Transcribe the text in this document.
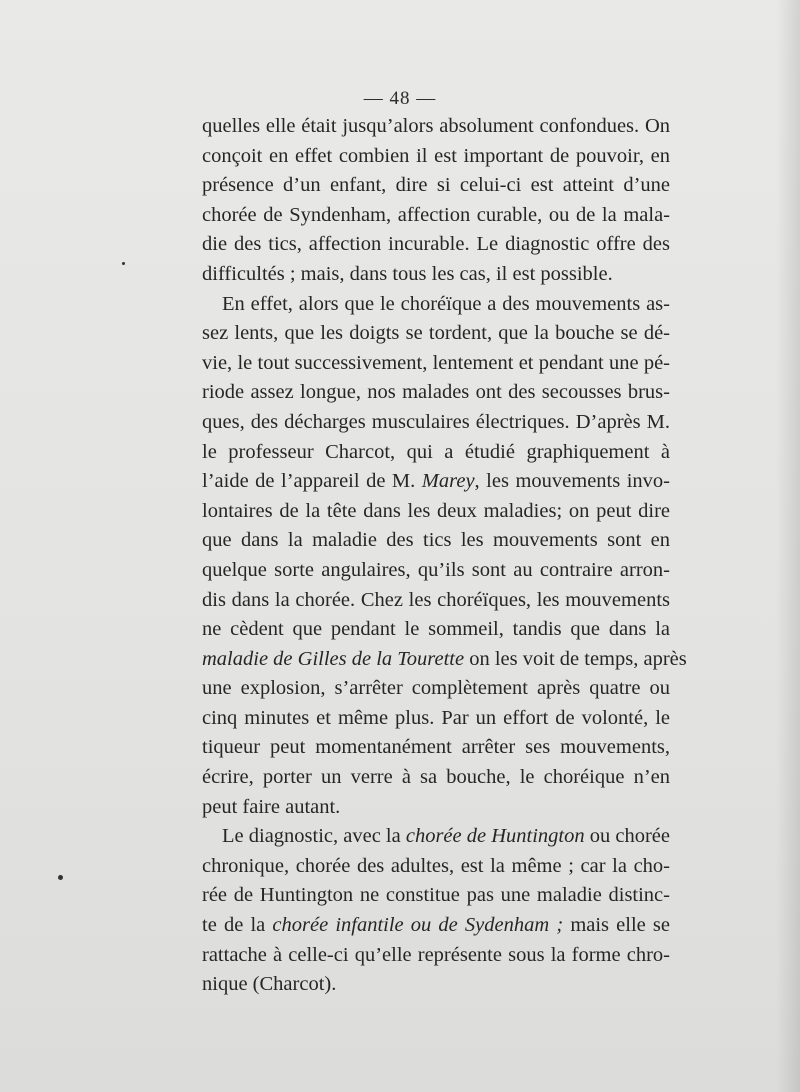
— 48 —
quelles elle était jusqu’alors absolument confondues. On
conçoit en effet combien il est important de pouvoir, en
présence d’un enfant, dire si celui-ci est atteint d’une
chorée de Syndenham, affection curable, ou de la mala-
die des tics, affection incurable. Le diagnostic offre des
difficultés ; mais, dans tous les cas, il est possible.
En effet, alors que le choréïque a des mouvements as-
sez lents, que les doigts se tordent, que la bouche se dé-
vie, le tout successivement, lentement et pendant une pé-
riode assez longue, nos malades ont des secousses brus-
ques, des décharges musculaires électriques. D’après M.
le professeur Charcot, qui a étudié graphiquement à
l’aide de l’appareil de M. Marey, les mouvements invo-
lontaires de la tête dans les deux maladies; on peut dire
que dans la maladie des tics les mouvements sont en
quelque sorte angulaires, qu’ils sont au contraire arron-
dis dans la chorée. Chez les choréïques, les mouvements
ne cèdent que pendant le sommeil, tandis que dans la
maladie de Gilles de la Tourette on les voit de temps, après
une explosion, s’arrêter complètement après quatre ou
cinq minutes et même plus. Par un effort de volonté, le
tiqueur peut momentanément arrêter ses mouvements,
écrire, porter un verre à sa bouche, le choréique n’en
peut faire autant.
Le diagnostic, avec la chorée de Huntington ou chorée
chronique, chorée des adultes, est la même ; car la cho-
rée de Huntington ne constitue pas une maladie distinc-
te de la chorée infantile ou de Sydenham ; mais elle se
rattache à celle-ci qu’elle représente sous la forme chro-
nique (Charcot).
